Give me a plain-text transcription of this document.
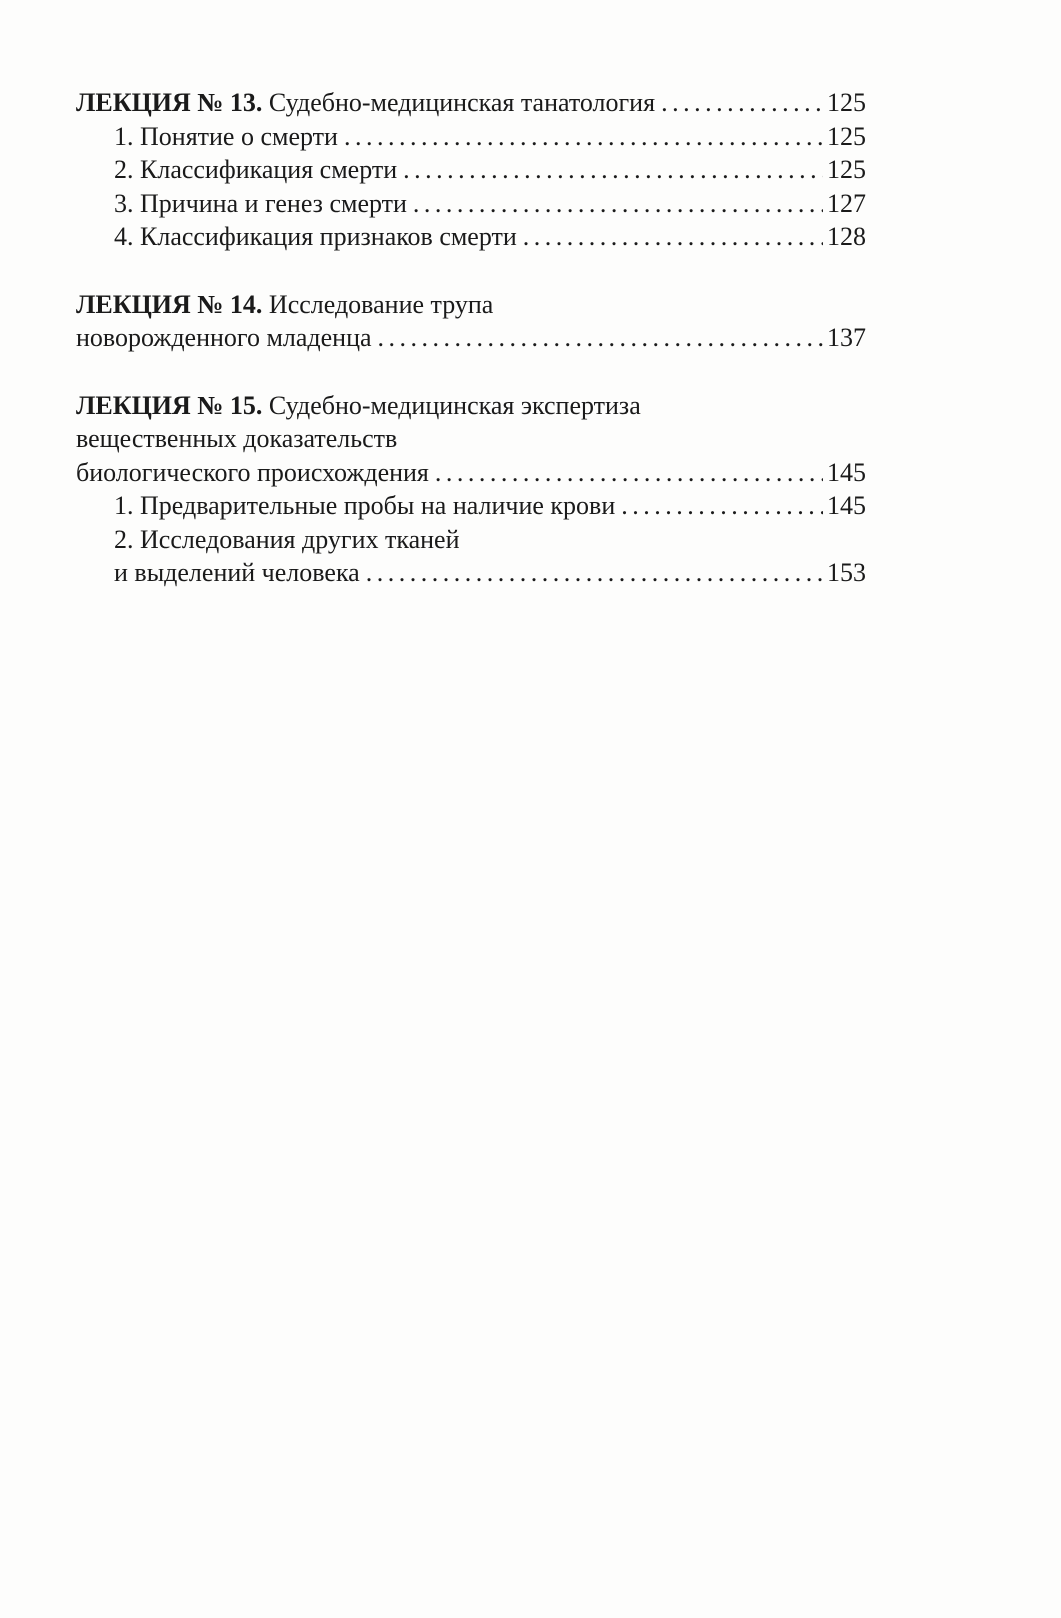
ЛЕКЦИЯ № 13. Судебно-медицинская танатология . . .	125
1. Понятие о смерти . . .	125
2. Классификация смерти . . .	125
3. Причина и генез смерти . . .	127
4. Классификация признаков смерти . . .	128
ЛЕКЦИЯ № 14. Исследование трупа
новорожденного младенца . . .	137
ЛЕКЦИЯ № 15. Судебно-медицинская экспертиза
вещественных доказательств
биологического происхождения . . .	145
1. Предварительные пробы на наличие крови . . .	145
2. Исследования других тканей
и выделений человека . . .	153
